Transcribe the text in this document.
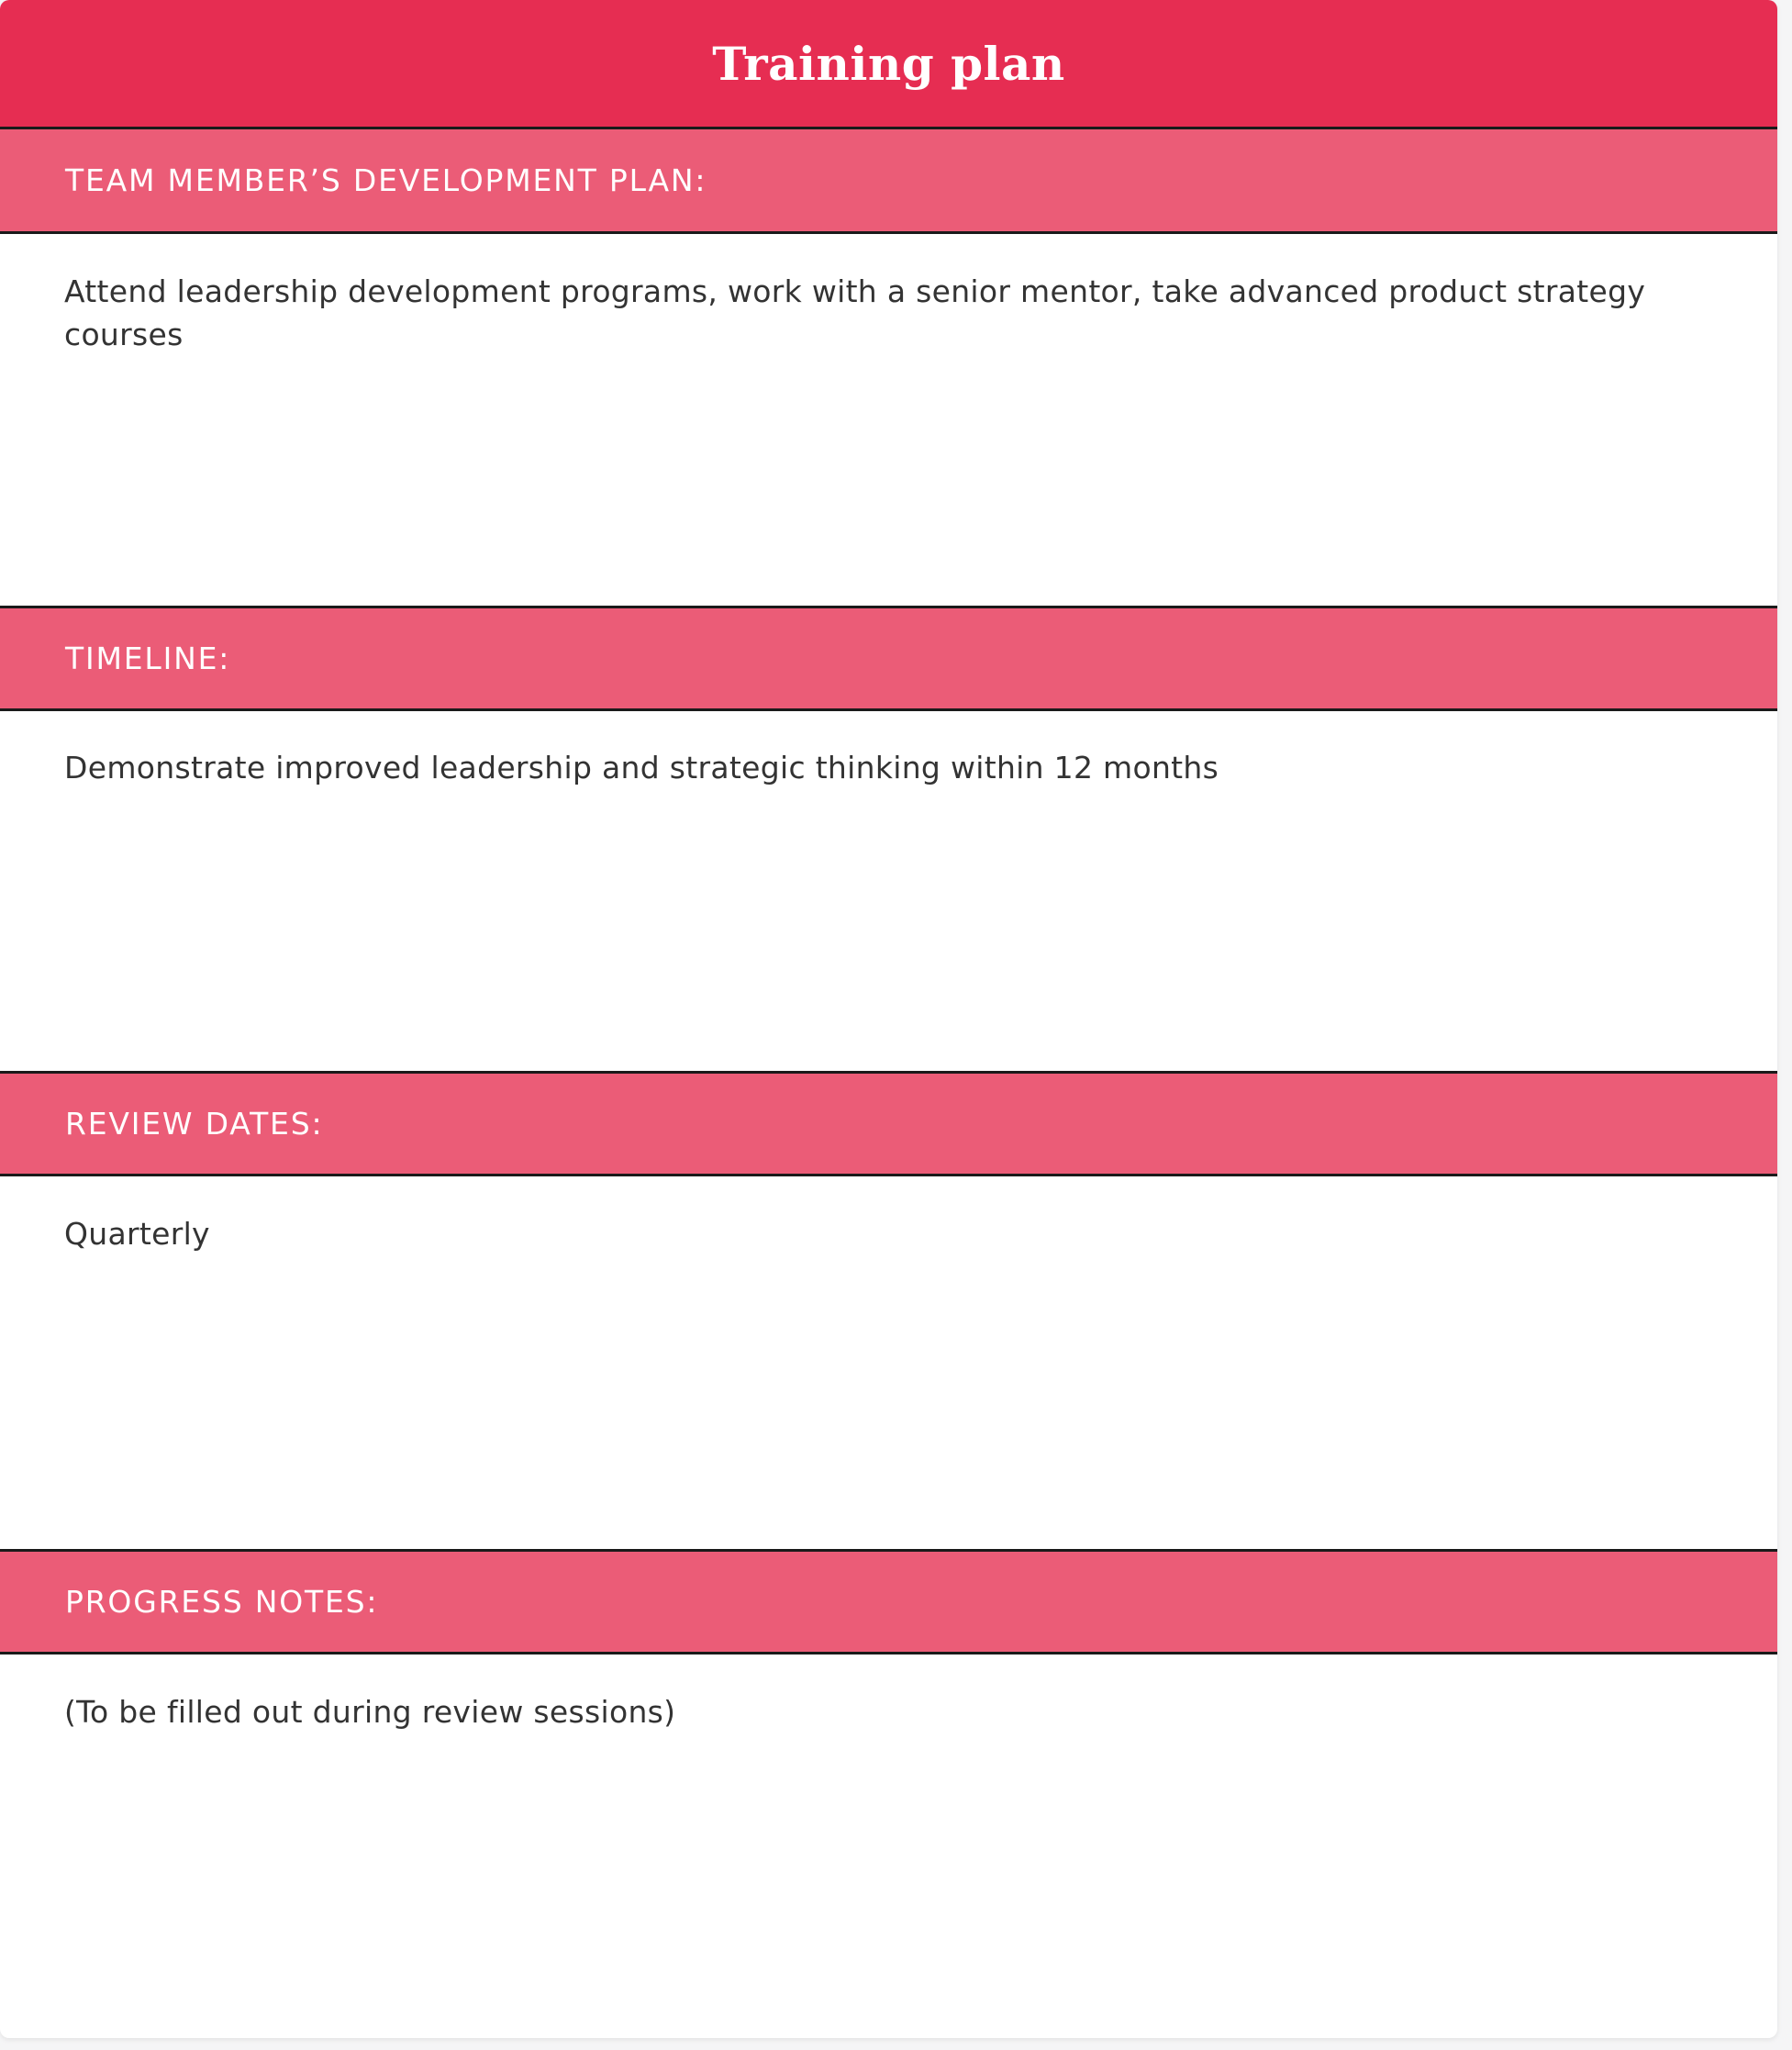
Training plan
TEAM MEMBER’S DEVELOPMENT PLAN:
Attend leadership development programs, work with a senior mentor, take advanced product strategy courses
TIMELINE:
Demonstrate improved leadership and strategic thinking within 12 months
REVIEW DATES:
Quarterly
PROGRESS NOTES:
(To be filled out during review sessions)
